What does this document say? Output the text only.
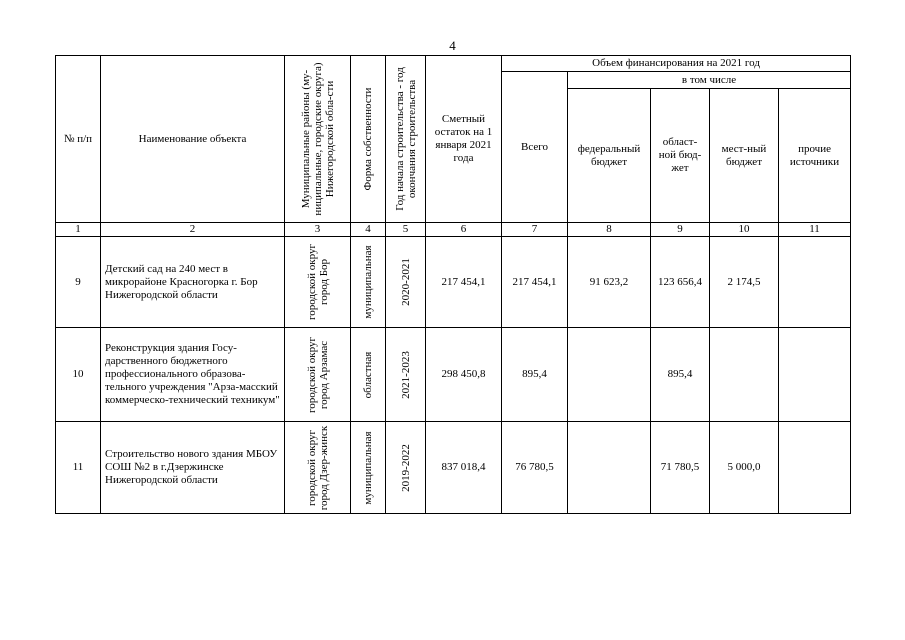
4
№ п/п	Наименование объекта	Муниципальные районы (му-ниципальные, городские округа) Нижегородской обла-сти	Форма собственности	Год начала строительства - год окончания строительства	Сметный остаток на 1 января 2021 года	Объем финансирования на 2021 год				
						Всего	в том числе			
							федеральный бюджет	област-ной бюд-жет	мест-ный бюджет	прочие источники
1	2	3	4	5	6	7	8	9	10	11
9	Детский сад на 240 мест в микрорайоне Красногорка г. Бор Нижегородской области	городской округ город Бор	муниципальная	2020-2021	217 454,1	217 454,1	91 623,2	123 656,4	2 174,5	
10	Реконструкция здания Госу-дарственного бюджетного профессионального образова-тельного учреждения "Арза-масский коммерческо-технический техникум"	городской округ город Арзамас	областная	2021-2023	298 450,8	895,4		895,4		
11	Строительство нового здания МБОУ СОШ №2 в г.Дзержинске Нижегородской области	городской округ город Дзер-жинск	муниципальная	2019-2022	837 018,4	76 780,5		71 780,5	5 000,0	
